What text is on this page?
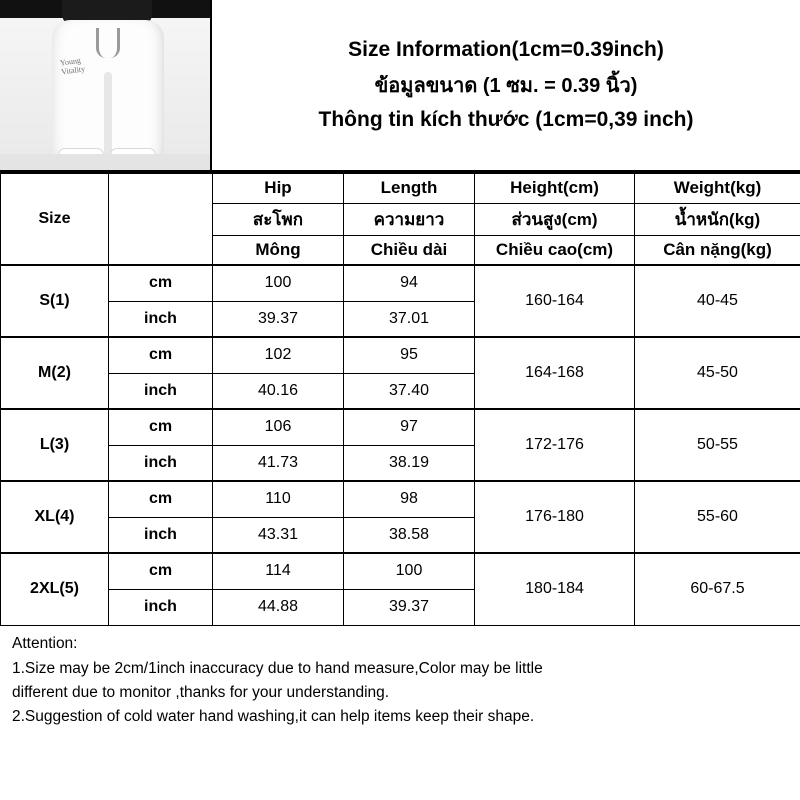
Young Vitality
Size Information(1cm=0.39inch)
ข้อมูลขนาด (1 ซม. = 0.39 นิ้ว)
Thông tin kích thước (1cm=0,39 inch)
Size		Hip	Length	Height(cm)	Weight(kg)
		สะโพก	ความยาว	ส่วนสูง(cm)	น้ำหนัก(kg)
		Mông	Chiều dài	Chiều cao(cm)	Cân nặng(kg)
S(1)	cm	100	94	160-164	40-45
	inch	39.37	37.01		
M(2)	cm	102	95	164-168	45-50
	inch	40.16	37.40		
L(3)	cm	106	97	172-176	50-55
	inch	41.73	38.19		
XL(4)	cm	110	98	176-180	55-60
	inch	43.31	38.58		
2XL(5)	cm	114	100	180-184	60-67.5
	inch	44.88	39.37		

Attention:

1.Size may be 2cm/1inch inaccuracy due to hand measure,Color may be little

different due to monitor ,thanks for your understanding.

2.Suggestion of cold water hand washing,it can help items keep their shape.
